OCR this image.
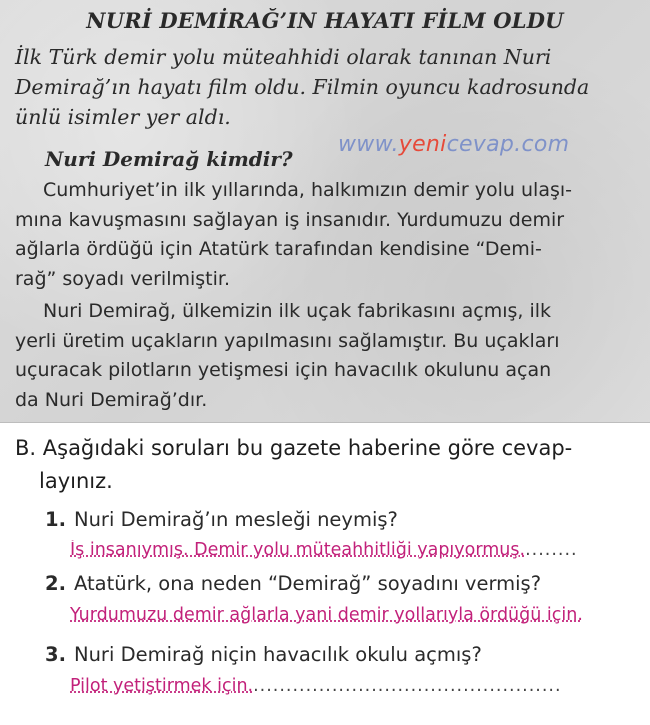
NURİ DEMİRAĞ’IN HAYATI FİLM OLDU
İlk Türk demir yolu müteahhidi olarak tanınan Nuri
Demirağ’ın hayatı film oldu. Filmin oyuncu kadrosunda
ünlü isimler yer aldı.
Nuri Demirağ kimdir?
www.yenicevap.com
Cumhuriyet’in ilk yıllarında, halkımızın demir yolu ulaşı-
mına kavuşmasını sağlayan iş insanıdır. Yurdumuzu demir
ağlarla ördüğü için Atatürk tarafından kendisine “Demi-
rağ” soyadı verilmiştir.
Nuri Demirağ, ülkemizin ilk uçak fabrikasını açmış, ilk
yerli üretim uçakların yapılmasını sağlamıştır. Bu uçakları
uçuracak pilotların yetişmesi için havacılık okulunu açan
da Nuri Demirağ’dır.
B. Aşağıdaki soruları bu gazete haberine göre cevap-
layınız.
1. Nuri Demirağ’ın mesleği neymiş?
İş insanıymış. Demir yolu müteahhitliği yapıyormuş.........
2. Atatürk, ona neden “Demirağ” soyadını vermiş?
Yurdumuzu demir ağlarla yani demir yollarıyla ördüğü için.
3. Nuri Demirağ niçin havacılık okulu açmış?
Pilot yetiştirmek için................................................
